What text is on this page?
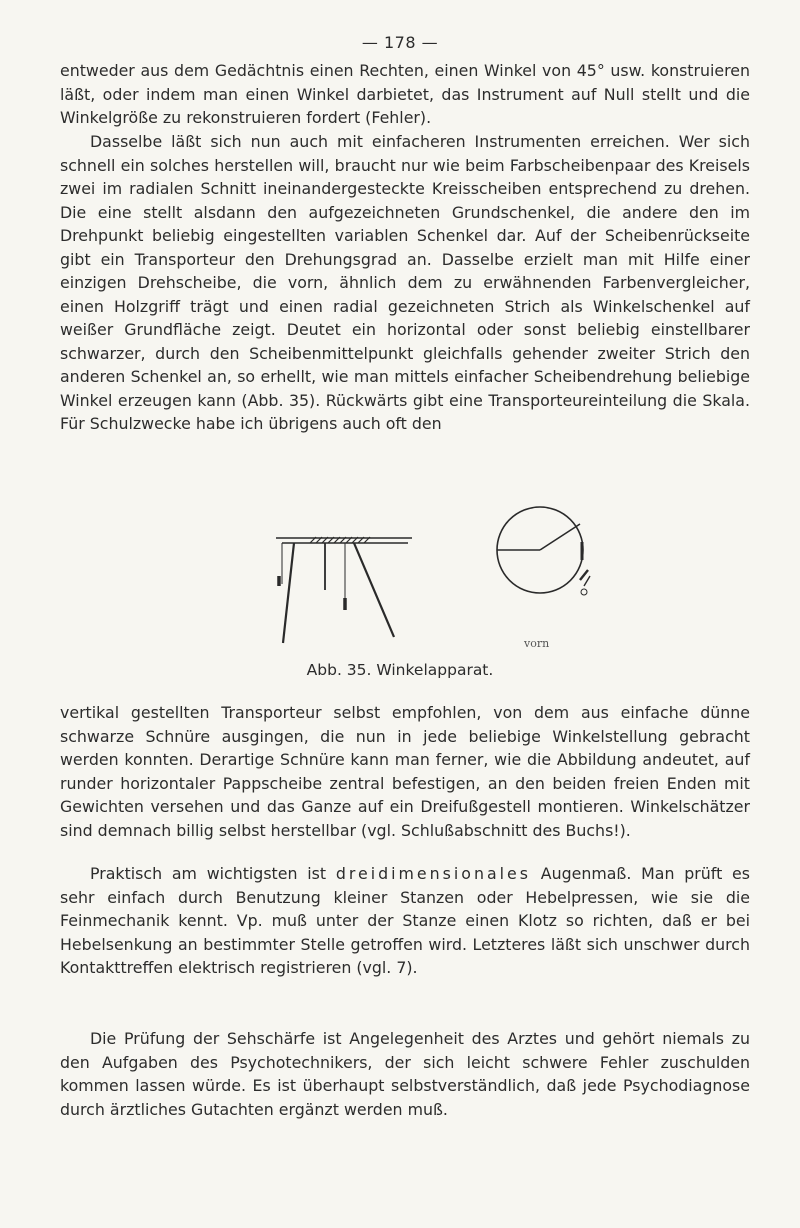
— 178 —

entweder aus dem Gedächtnis einen Rechten, einen Winkel von 45° usw. konstruieren läßt, oder indem man einen Winkel darbietet, das Instrument auf Null stellt und die Winkelgröße zu rekonstruieren fordert (Fehler).

Dasselbe läßt sich nun auch mit einfacheren Instrumenten erreichen. Wer sich schnell ein solches herstellen will, braucht nur wie beim Farbscheibenpaar des Kreisels zwei im radialen Schnitt ineinandergesteckte Kreisscheiben entsprechend zu drehen. Die eine stellt alsdann den aufgezeichneten Grundschenkel, die andere den im Drehpunkt beliebig eingestellten variablen Schenkel dar. Auf der Scheibenrückseite gibt ein Transporteur den Drehungsgrad an. Dasselbe erzielt man mit Hilfe einer einzigen Drehscheibe, die vorn, ähnlich dem zu erwähnenden Farbenvergleicher, einen Holzgriff trägt und einen radial gezeichneten Strich als Winkelschenkel auf weißer Grundfläche zeigt. Deutet ein horizontal oder sonst beliebig einstellbarer schwarzer, durch den Scheibenmittelpunkt gleichfalls gehender zweiter Strich den anderen Schenkel an, so erhellt, wie man mittels einfacher Scheibendrehung beliebige Winkel erzeugen kann (Abb. 35). Rückwärts gibt eine Transporteureinteilung die Skala. Für Schulzwecke habe ich übrigens auch oft den

vorn
Abb. 35. Winkelapparat.

vertikal gestellten Transporteur selbst empfohlen, von dem aus einfache dünne schwarze Schnüre ausgingen, die nun in jede beliebige Winkelstellung gebracht werden konnten. Derartige Schnüre kann man ferner, wie die Abbildung andeutet, auf runder horizontaler Pappscheibe zentral befestigen, an den beiden freien Enden mit Gewichten versehen und das Ganze auf ein Dreifußgestell montieren. Winkelschätzer sind demnach billig selbst herstellbar (vgl. Schlußabschnitt des Buchs!).

Praktisch am wichtigsten ist dreidimensionales Augenmaß. Man prüft es sehr einfach durch Benutzung kleiner Stanzen oder Hebelpressen, wie sie die Feinmechanik kennt. Vp. muß unter der Stanze einen Klotz so richten, daß er bei Hebelsenkung an bestimmter Stelle getroffen wird. Letzteres läßt sich unschwer durch Kontakttreffen elektrisch registrieren (vgl. 7).

Die Prüfung der Sehschärfe ist Angelegenheit des Arztes und gehört niemals zu den Aufgaben des Psychotechnikers, der sich leicht schwere Fehler zuschulden kommen lassen würde. Es ist überhaupt selbstverständlich, daß jede Psychodiagnose durch ärztliches Gutachten ergänzt werden muß.
